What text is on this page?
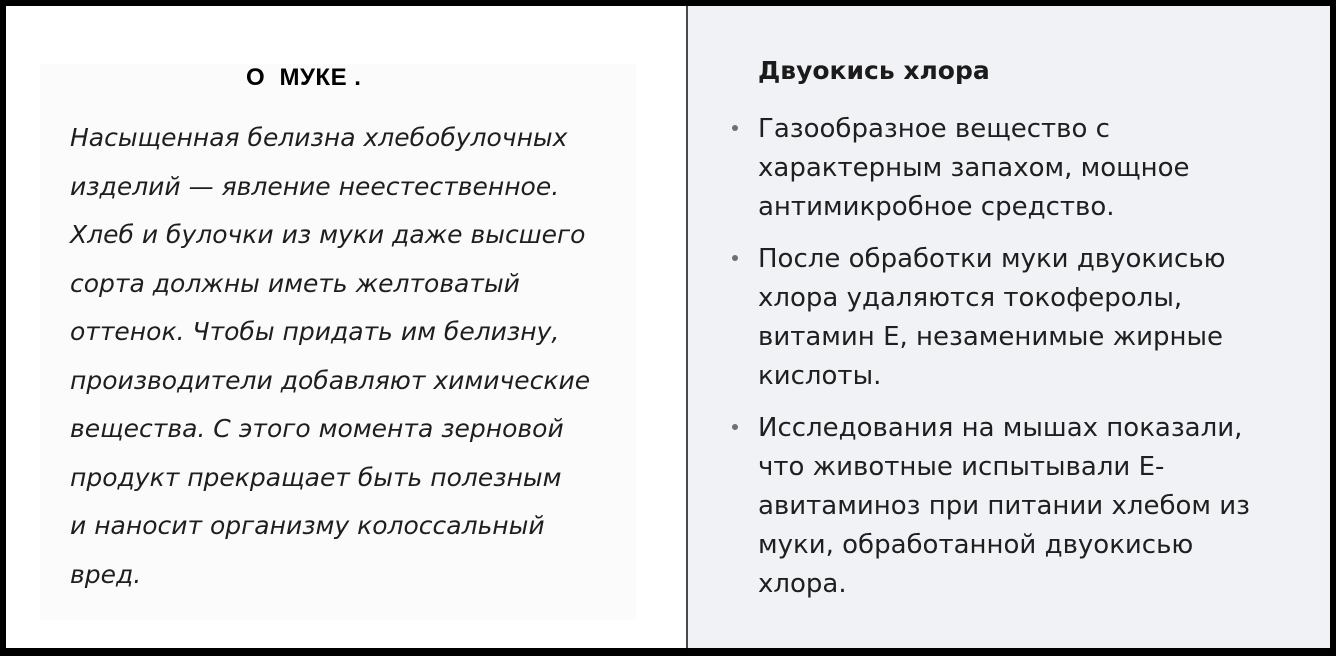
О  МУКЕ .
Насыщенная белизна хлебобулочных
изделий — явление неестественное.
Хлеб и булочки из муки даже высшего
сорта должны иметь желтоватый
оттенок. Чтобы придать им белизну,
производители добавляют химические
вещества. С этого момента зерновой
продукт прекращает быть полезным
и наносит организму колоссальный
вред.
Двуокись хлора
Газообразное вещество с
характерным запахом, мощное
антимикробное средство.
После обработки муки двуокисью
хлора удаляются токоферолы,
витамин Е, незаменимые жирные
кислоты.
Исследования на мышах показали,
что животные испытывали Е-
авитаминоз при питании хлебом из
муки, обработанной двуокисью
хлора.
